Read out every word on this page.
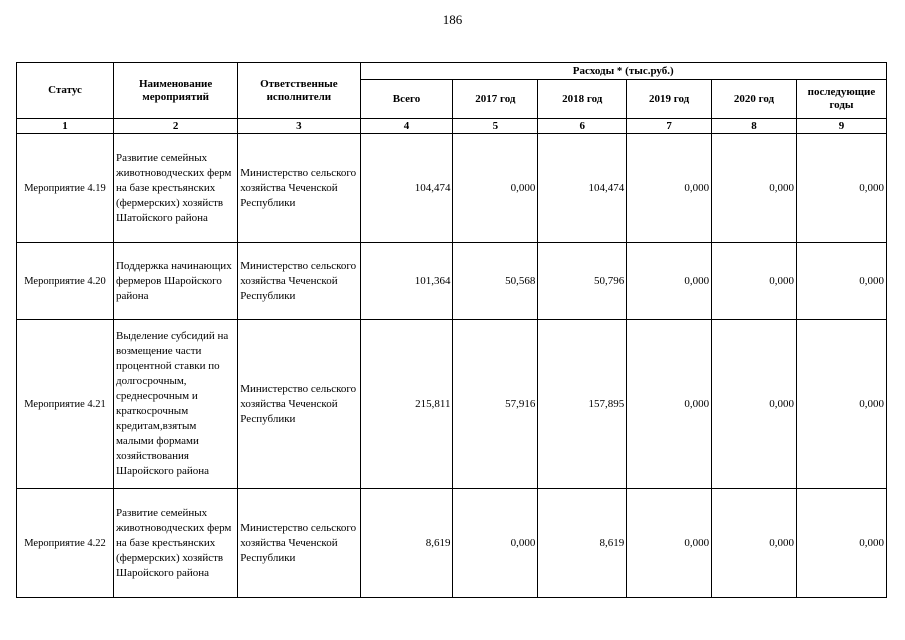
186
Статус	Наименование мероприятий	Ответственные исполнители	Расходы * (тыс.руб.)					
			Всего	2017 год	2018 год	2019 год	2020 год	последующие годы
1	2	3	4	5	6	7	8	9
Мероприятие 4.19	Развитие семейных животноводческих ферм на базе крестьянских (фермерских) хозяйств Шатойского района	Министерство сельского хозяйства Чеченской Республики	104,474	0,000	104,474	0,000	0,000	0,000
Мероприятие 4.20	Поддержка начинающих фермеров Шаройского района	Министерство сельского хозяйства Чеченской Республики	101,364	50,568	50,796	0,000	0,000	0,000
Мероприятие 4.21	Выделение субсидий на возмещение части процентной ставки по долгосрочным, среднесрочным и краткосрочным кредитам,взятым малыми формами хозяйствования Шаройского района	Министерство сельского хозяйства Чеченской Республики	215,811	57,916	157,895	0,000	0,000	0,000
Мероприятие 4.22	Развитие семейных животноводческих ферм на базе крестьянских (фермерских) хозяйств Шаройского района	Министерство сельского хозяйства Чеченской Республики	8,619	0,000	8,619	0,000	0,000	0,000
